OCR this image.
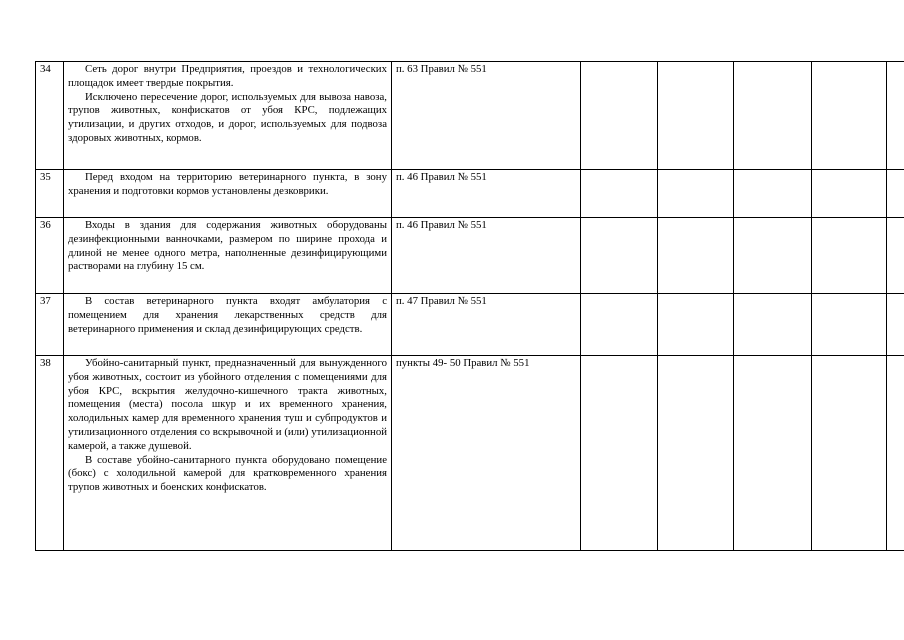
34	Сеть дорог внутри Предприятия, проездов и технологических площадок имеет твердые покрытия.

Исключено пересечение дорог, используемых для вывоза навоза, трупов животных, конфискатов от убоя КРС, подлежащих утилизации, и других отходов, и дорог, используемых для подвоза здоровых животных, кормов.	п. 63 Правил № 551					
35	Перед входом на территорию ветеринарного пункта, в зону хранения и подготовки кормов установлены дезковрики.	п. 46 Правил № 551					
36	Входы в здания для содержания животных оборудованы дезинфекционными ванночками, размером по ширине прохода и длиной не менее одного метра, наполненные дезинфицирующими растворами на глубину 15 см.	п. 46 Правил № 551					
37	В состав ветеринарного пункта входят амбулатория с помещением для хранения лекарственных средств для ветеринарного применения и склад дезинфицирующих средств.	п. 47 Правил № 551					
38	Убойно-санитарный пункт, предназначенный для вынужденного убоя животных, состоит из убойного отделения с помещениями для убоя КРС, вскрытия желудочно-кишечного тракта животных, помещения (места) посола шкур и их временного хранения, холодильных камер для временного хранения туш и субпродуктов и утилизационного отделения со вскрывочной и (или) утилизационной камерой, а также душевой.

В составе убойно-санитарного пункта оборудовано помещение (бокс) с холодильной камерой для кратковременного хранения трупов животных и боенских конфискатов.	пункты 49- 50 Правил № 551					
